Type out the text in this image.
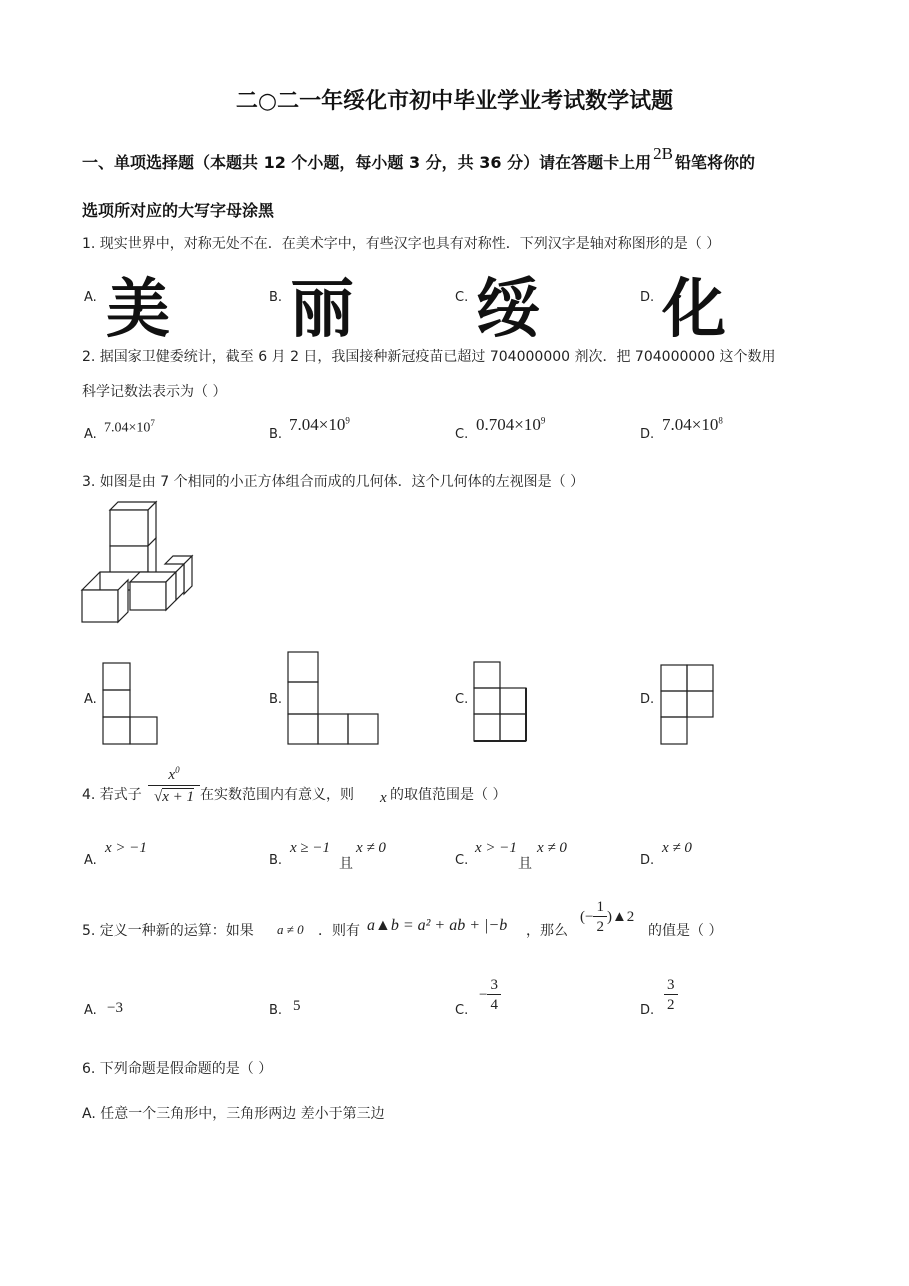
二○二一年绥化市初中毕业学业考试数学试题
一、单项选择题（本题共 12 个小题，每小题 3 分，共 36 分）请在答题卡上用 2B 铅笔将你的
选项所对应的大写字母涂黑
1. 现实世界中，对称无处不在．在美术字中，有些汉字也具有对称性．下列汉字是轴对称图形的是（ ）
A. 美	B. 丽	C. 绥	D. 化
2. 据国家卫健委统计，截至 6 月 2 日，我国接种新冠疫苗已超过 704000000 剂次．把 704000000 这个数用
科学记数法表示为（ ）
A. $7.04\times 10^7$
B.
$7.04\times 10^9$
C.
$0.704\times 10^9$
D.
$7.04\times 10^8$
3. 如图是由 7 个相同的小正方体组合而成的几何体．这个几何体的左视图是（ ）
A.	B.	C.	D.
4. 若式子
$x^0$
√x + 1 在实数范围内有意义，则 x 的取值范围是（ ）
A.
x > −1
B.
x ≥ −1
且
x ≠ 0
C.
x > −1
且
x ≠ 0
D.
x ≠ 0
5. 定义一种新的运算：如果 a ≠ 0 ．则有 a▲b = a² + ab + |−b ，那么
(− $\frac{1}{2}$ )▲2
的值是（ ）
A. −3	B. 5	C.
− $\frac{3}{4}$	D. $\frac{3}{2}$
6. 下列命题是假命题的是（ ）
A. 任意一个三角形中，三角形两边 差小于第三边
